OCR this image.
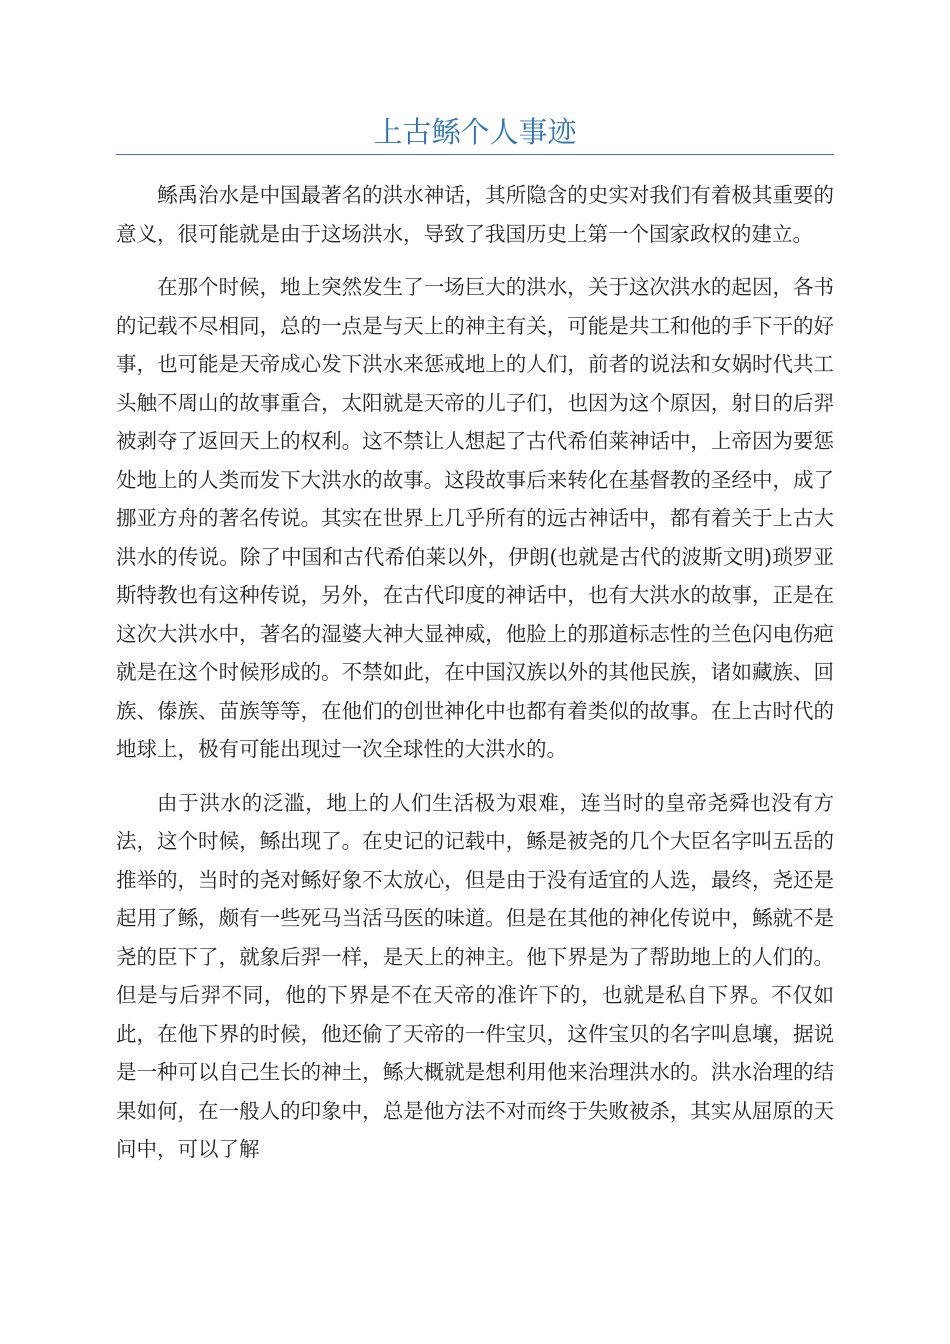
上古鲧个人事迹

鲧禹治水是中国最著名的洪水神话，其所隐含的史实对我们有着极其重要的意义，很可能就是由于这场洪水，导致了我国历史上第一个国家政权的建立。

在那个时候，地上突然发生了一场巨大的洪水，关于这次洪水的起因，各书的记载不尽相同，总的一点是与天上的神主有关，可能是共工和他的手下干的好事，也可能是天帝成心发下洪水来惩戒地上的人们，前者的说法和女娲时代共工头触不周山的故事重合，太阳就是天帝的儿子们，也因为这个原因，射日的后羿被剥夺了返回天上的权利。这不禁让人想起了古代希伯莱神话中，上帝因为要惩处地上的人类而发下大洪水的故事。这段故事后来转化在基督教的圣经中，成了挪亚方舟的著名传说。其实在世界上几乎所有的远古神话中，都有着关于上古大洪水的传说。除了中国和古代希伯莱以外，伊朗(也就是古代的波斯文明)琐罗亚斯特教也有这种传说，另外，在古代印度的神话中，也有大洪水的故事，正是在这次大洪水中，著名的湿婆大神大显神威，他脸上的那道标志性的兰色闪电伤疤就是在这个时候形成的。不禁如此，在中国汉族以外的其他民族，诸如藏族、回族、傣族、苗族等等，在他们的创世神化中也都有着类似的故事。在上古时代的地球上，极有可能出现过一次全球性的大洪水的。

由于洪水的泛滥，地上的人们生活极为艰难，连当时的皇帝尧舜也没有方法，这个时候，鲧出现了。在史记的记载中，鲧是被尧的几个大臣名字叫五岳的推举的，当时的尧对鲧好象不太放心，但是由于没有适宜的人选，最终，尧还是起用了鲧，颇有一些死马当活马医的味道。但是在其他的神化传说中，鲧就不是尧的臣下了，就象后羿一样，是天上的神主。他下界是为了帮助地上的人们的。但是与后羿不同，他的下界是不在天帝的准许下的，也就是私自下界。不仅如此，在他下界的时候，他还偷了天帝的一件宝贝，这件宝贝的名字叫息壤，据说是一种可以自己生长的神土，鲧大概就是想利用他来治理洪水的。洪水治理的结果如何，在一般人的印象中，总是他方法不对而终于失败被杀，其实从屈原的天问中，可以了解
